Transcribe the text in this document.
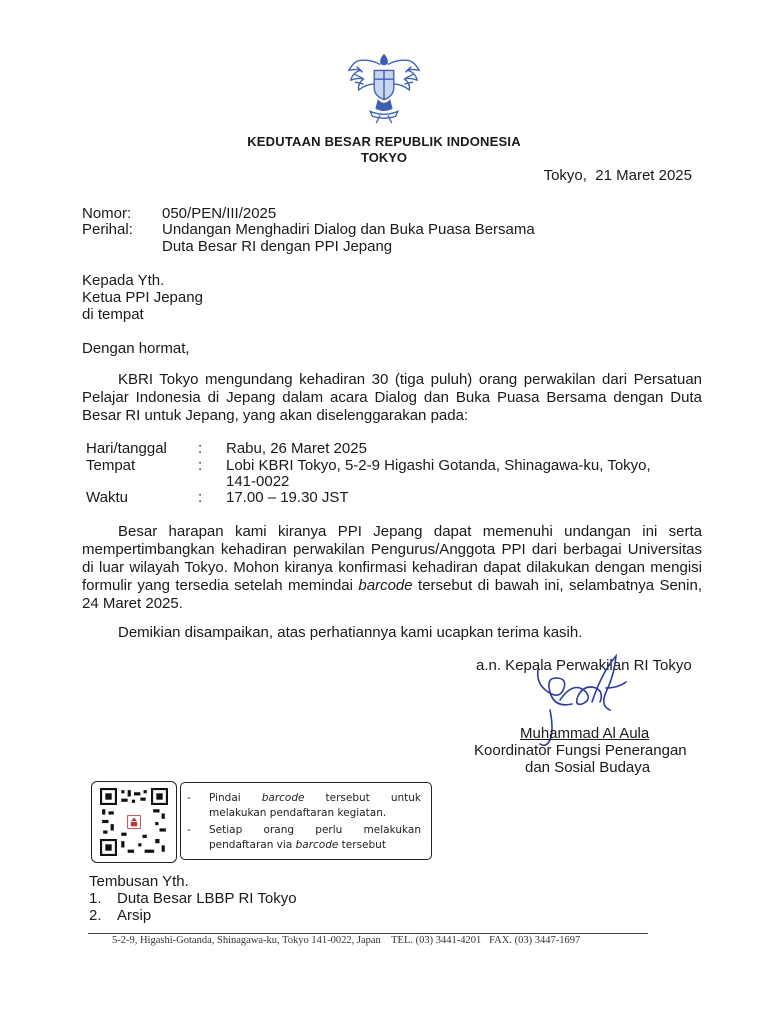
KEDUTAAN BESAR REPUBLIK INDONESIA
TOKYO
Tokyo,  21 Maret 2025
Nomor: 050/PEN/III/2025
Perihal: Undangan Menghadiri Dialog dan Buka Puasa Bersama
Duta Besar RI dengan PPI Jepang
Kepada Yth.
Ketua PPI Jepang
di tempat
Dengan hormat,
KBRI Tokyo mengundang kehadiran 30 (tiga puluh) orang perwakilan dari Persatuan Pelajar Indonesia di Jepang dalam acara Dialog dan Buka Puasa Bersama dengan Duta Besar RI untuk Jepang, yang akan diselenggarakan pada:
Hari/tanggal : Rabu, 26 Maret 2025
Tempat	: Lobi KBRI Tokyo, 5-2-9 Higashi Gotanda, Shinagawa-ku, Tokyo,
141-0022
Waktu	: 17.00 – 19.30 JST
Besar harapan kami kiranya PPI Jepang dapat memenuhi undangan ini serta mempertimbangkan kehadiran perwakilan Pengurus/Anggota PPI dari berbagai Universitas di luar wilayah Tokyo. Mohon kiranya konfirmasi kehadiran dapat dilakukan dengan mengisi formulir yang tersedia setelah memindai barcode tersebut di bawah ini, selambatnya Senin, 24 Maret 2025.
Demikian disampaikan, atas perhatiannya kami ucapkan terima kasih.
a.n. Kepala Perwakilan RI Tokyo
Muhammad Al Aula
Koordinator Fungsi Penerangan
dan Sosial Budaya
- Pindai barcode tersebut untuk melakukan pendaftaran kegiatan.
- Setiap orang perlu melakukan pendaftaran via barcode tersebut
Tembusan Yth.
1. Duta Besar LBBP RI Tokyo
2. Arsip
5-2-9, Higashi-Gotanda, Shinagawa-ku, Tokyo 141-0022, Japan    TEL. (03) 3441-4201   FAX. (03) 3447-1697
